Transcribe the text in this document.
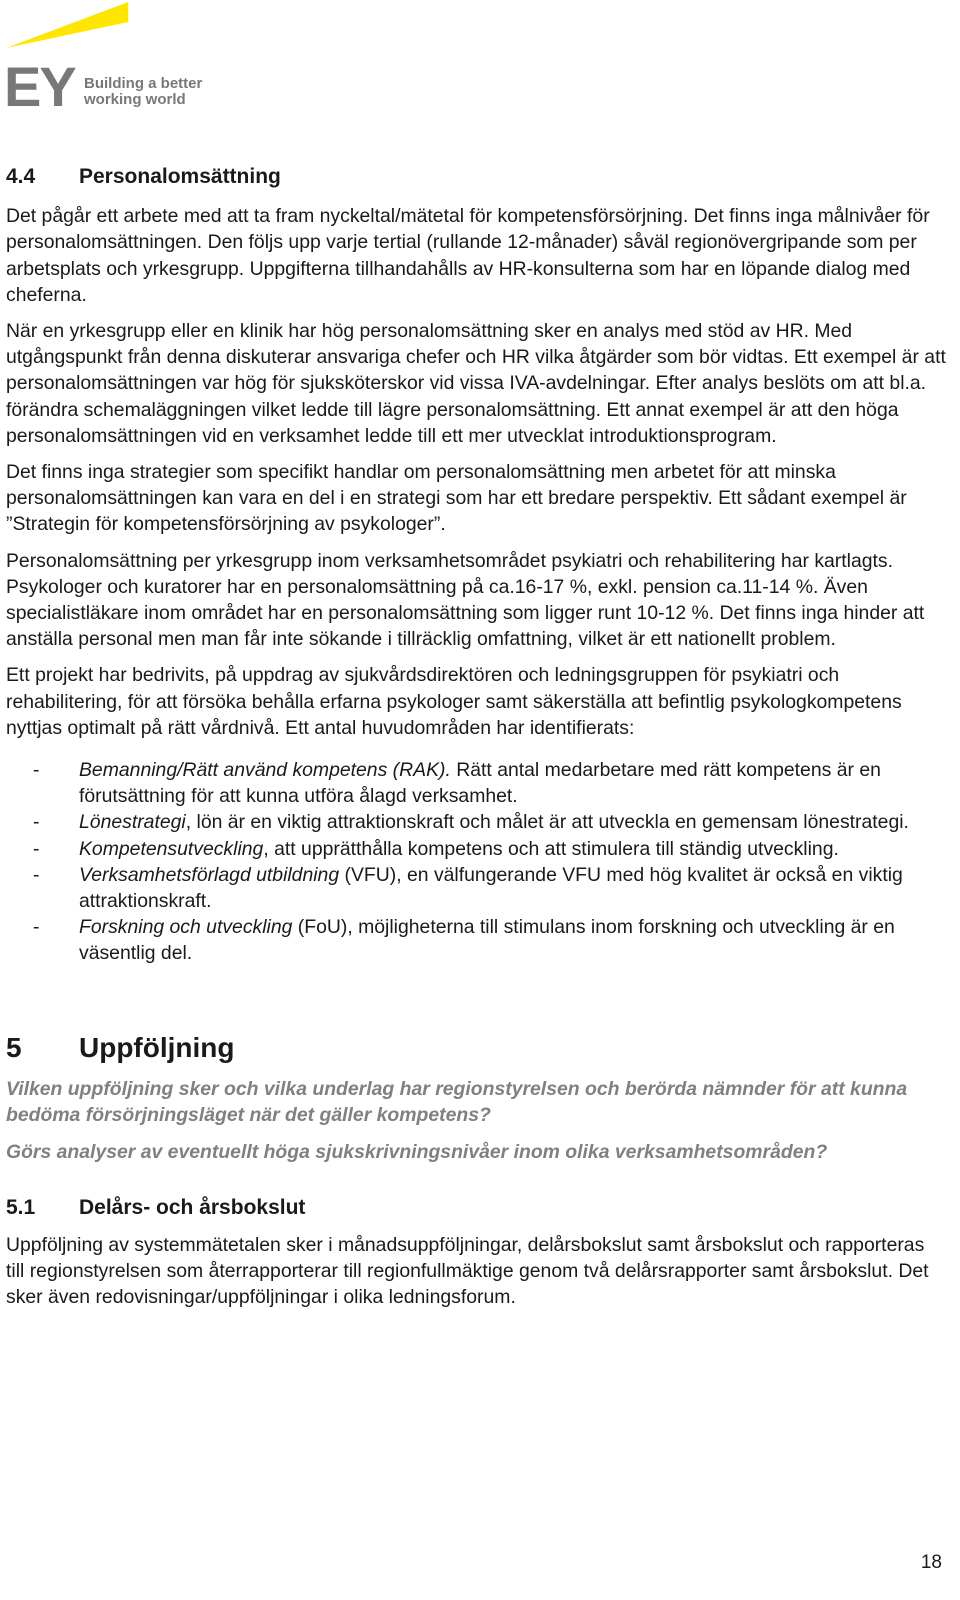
EY Building a better
working world
4.4	Personalomsättning

Det pågår ett arbete med att ta fram nyckeltal/mätetal för kompetensförsörjning. Det finns inga målnivåer för personalomsättningen. Den följs upp varje tertial (rullande 12-månader) såväl regionövergripande som per arbetsplats och yrkesgrupp. Uppgifterna tillhandahålls av HR-konsulterna som har en löpande dialog med cheferna.

När en yrkesgrupp eller en klinik har hög personalomsättning sker en analys med stöd av HR. Med utgångspunkt från denna diskuterar ansvariga chefer och HR vilka åtgärder som bör vidtas. Ett exempel är att personalomsättningen var hög för sjuksköterskor vid vissa IVA-avdelningar. Efter analys beslöts om att bl.a. förändra schemaläggningen vilket ledde till lägre personalomsättning. Ett annat exempel är att den höga personalomsättningen vid en verksamhet ledde till ett mer utvecklat introduktionsprogram.

Det finns inga strategier som specifikt handlar om personalomsättning men arbetet för att minska personalomsättningen kan vara en del i en strategi som har ett bredare perspektiv. Ett sådant exempel är ”Strategin för kompetensförsörjning av psykologer”.

Personalomsättning per yrkesgrupp inom verksamhetsområdet psykiatri och rehabilitering har kartlagts. Psykologer och kuratorer har en personalomsättning på ca.16-17 %, exkl. pension ca.11-14 %. Även specialistläkare inom området har en personalomsättning som ligger runt 10-12 %. Det finns inga hinder att anställa personal men man får inte sökande i tillräcklig omfattning, vilket är ett nationellt problem.

Ett projekt har bedrivits, på uppdrag av sjukvårdsdirektören och ledningsgruppen för psykiatri och rehabilitering, för att försöka behålla erfarna psykologer samt säkerställa att befintlig psykologkompetens nyttjas optimalt på rätt vårdnivå. Ett antal huvudområden har identifierats:

- Bemanning/Rätt använd kompetens (RAK). Rätt antal medarbetare med rätt kompetens är en förutsättning för att kunna utföra ålagd verksamhet.
- Lönestrategi, lön är en viktig attraktionskraft och målet är att utveckla en gemensam lönestrategi.
- Kompetensutveckling, att upprätthålla kompetens och att stimulera till ständig utveckling.
- Verksamhetsförlagd utbildning (VFU), en välfungerande VFU med hög kvalitet är också en viktig attraktionskraft.
- Forskning och utveckling (FoU), möjligheterna till stimulans inom forskning och utveckling är en väsentlig del.
5	Uppföljning

Vilken uppföljning sker och vilka underlag har regionstyrelsen och berörda nämnder för att kunna bedöma försörjningsläget när det gäller kompetens?

Görs analyser av eventuellt höga sjukskrivningsnivåer inom olika verksamhetsområden?

5.1	Delårs- och årsbokslut

Uppföljning av systemmätetalen sker i månadsuppföljningar, delårsbokslut samt årsbokslut och rapporteras till regionstyrelsen som återrapporterar till regionfullmäktige genom två delårsrapporter samt årsbokslut. Det sker även redovisningar/uppföljningar i olika ledningsforum.

18
